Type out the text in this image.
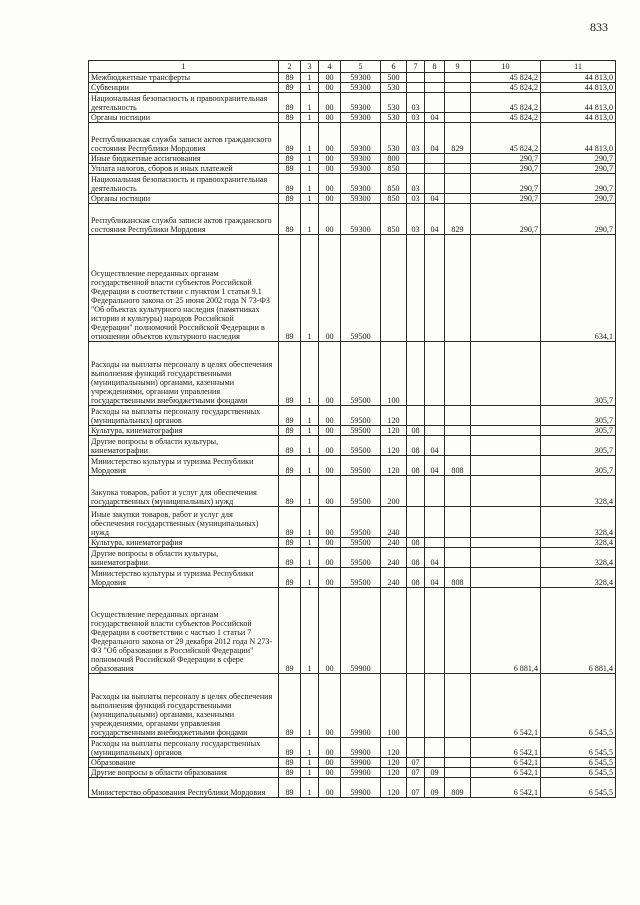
833
1	2	3	4	5	6	7	8	9	10	11
Межбюджетные трансферты	89	1	00	59300	500				45 824,2	44 813,0
Субвенции	89	1	00	59300	530				45 824,2	44 813,0
Национальная безопасность и правоохранительная деятельность	89	1	00	59300	530	03			45 824,2	44 813,0
Органы юстиции	89	1	00	59300	530	03	04		45 824,2	44 813,0
Республиканская служба записи актов гражданского состояния Республики Мордовия	89	1	00	59300	530	03	04	829	45 824,2	44 813,0
Иные бюджетные ассигнования	89	1	00	59300	800				290,7	290,7
Уплата налогов, сборов и иных платежей	89	1	00	59300	850				290,7	290,7
Национальная безопасность и правоохранительная деятельность	89	1	00	59300	850	03			290,7	290,7
Органы юстиции	89	1	00	59300	850	03	04		290,7	290,7
Республиканская служба записи актов гражданского состояния Республики Мордовия	89	1	00	59300	850	03	04	829	290,7	290,7
Осуществление переданных органам государственной власти субъектов Российской Федерации в соответствии с пунктом 1 статьи 9.1 Федерального закона от 25 июня 2002 года N 73-ФЗ "Об объектах культурного наследия (памятниках истории и культуры) народов Российской Федерации" полномочий Российской Федерации в отношении объектов культурного наследия	89	1	00	59500						634,1
Расходы на выплаты персоналу в целях обеспечения выполнения функций государственными (муниципальными) органами, казенными учреждениями, органами управления государственными внебюджетными фондами	89	1	00	59500	100					305,7
Расходы на выплаты персоналу государственных (муниципальных) органов	89	1	00	59500	120					305,7
Культура, кинематография	89	1	00	59500	120	08				305,7
Другие вопросы в области культуры, кинематографии	89	1	00	59500	120	08	04			305,7
Министерство культуры и туризма Республики Мордовия	89	1	00	59500	120	08	04	808		305,7
Закупка товаров, работ и услуг для обеспечения государственных (муниципальных) нужд	89	1	00	59500	200					328,4
Иные закупки товаров, работ и услуг для обеспечения государственных (муниципальных) нужд	89	1	00	59500	240					328,4
Культура, кинематография	89	1	00	59500	240	08				328,4
Другие вопросы в области культуры, кинематографии	89	1	00	59500	240	08	04			328,4
Министерство культуры и туризма Республики Мордовия	89	1	00	59500	240	08	04	808		328,4
Осуществление переданных органам государственной власти субъектов Российской Федерации в соответствии с частью 1 статьи 7 Федерального закона от 29 декабря 2012 года N 273-ФЗ "Об образовании в Российской Федерации" полномочий Российской Федерации в сфере образования	89	1	00	59900					6 881,4	6 881,4
Расходы на выплаты персоналу в целях обеспечения выполнения функций государственными (муниципальными) органами, казенными учреждениями, органами управления государственными внебюджетными фондами	89	1	00	59900	100				6 542,1	6 545,5
Расходы на выплаты персоналу государственных (муниципальных) органов	89	1	00	59900	120				6 542,1	6 545,5
Образование	89	1	00	59900	120	07			6 542,1	6 545,5
Другие вопросы в области образования	89	1	00	59900	120	07	09		6 542,1	6 545,5
Министерство образования Республики Мордовия	89	1	00	59900	120	07	09	809	6 542,1	6 545,5
